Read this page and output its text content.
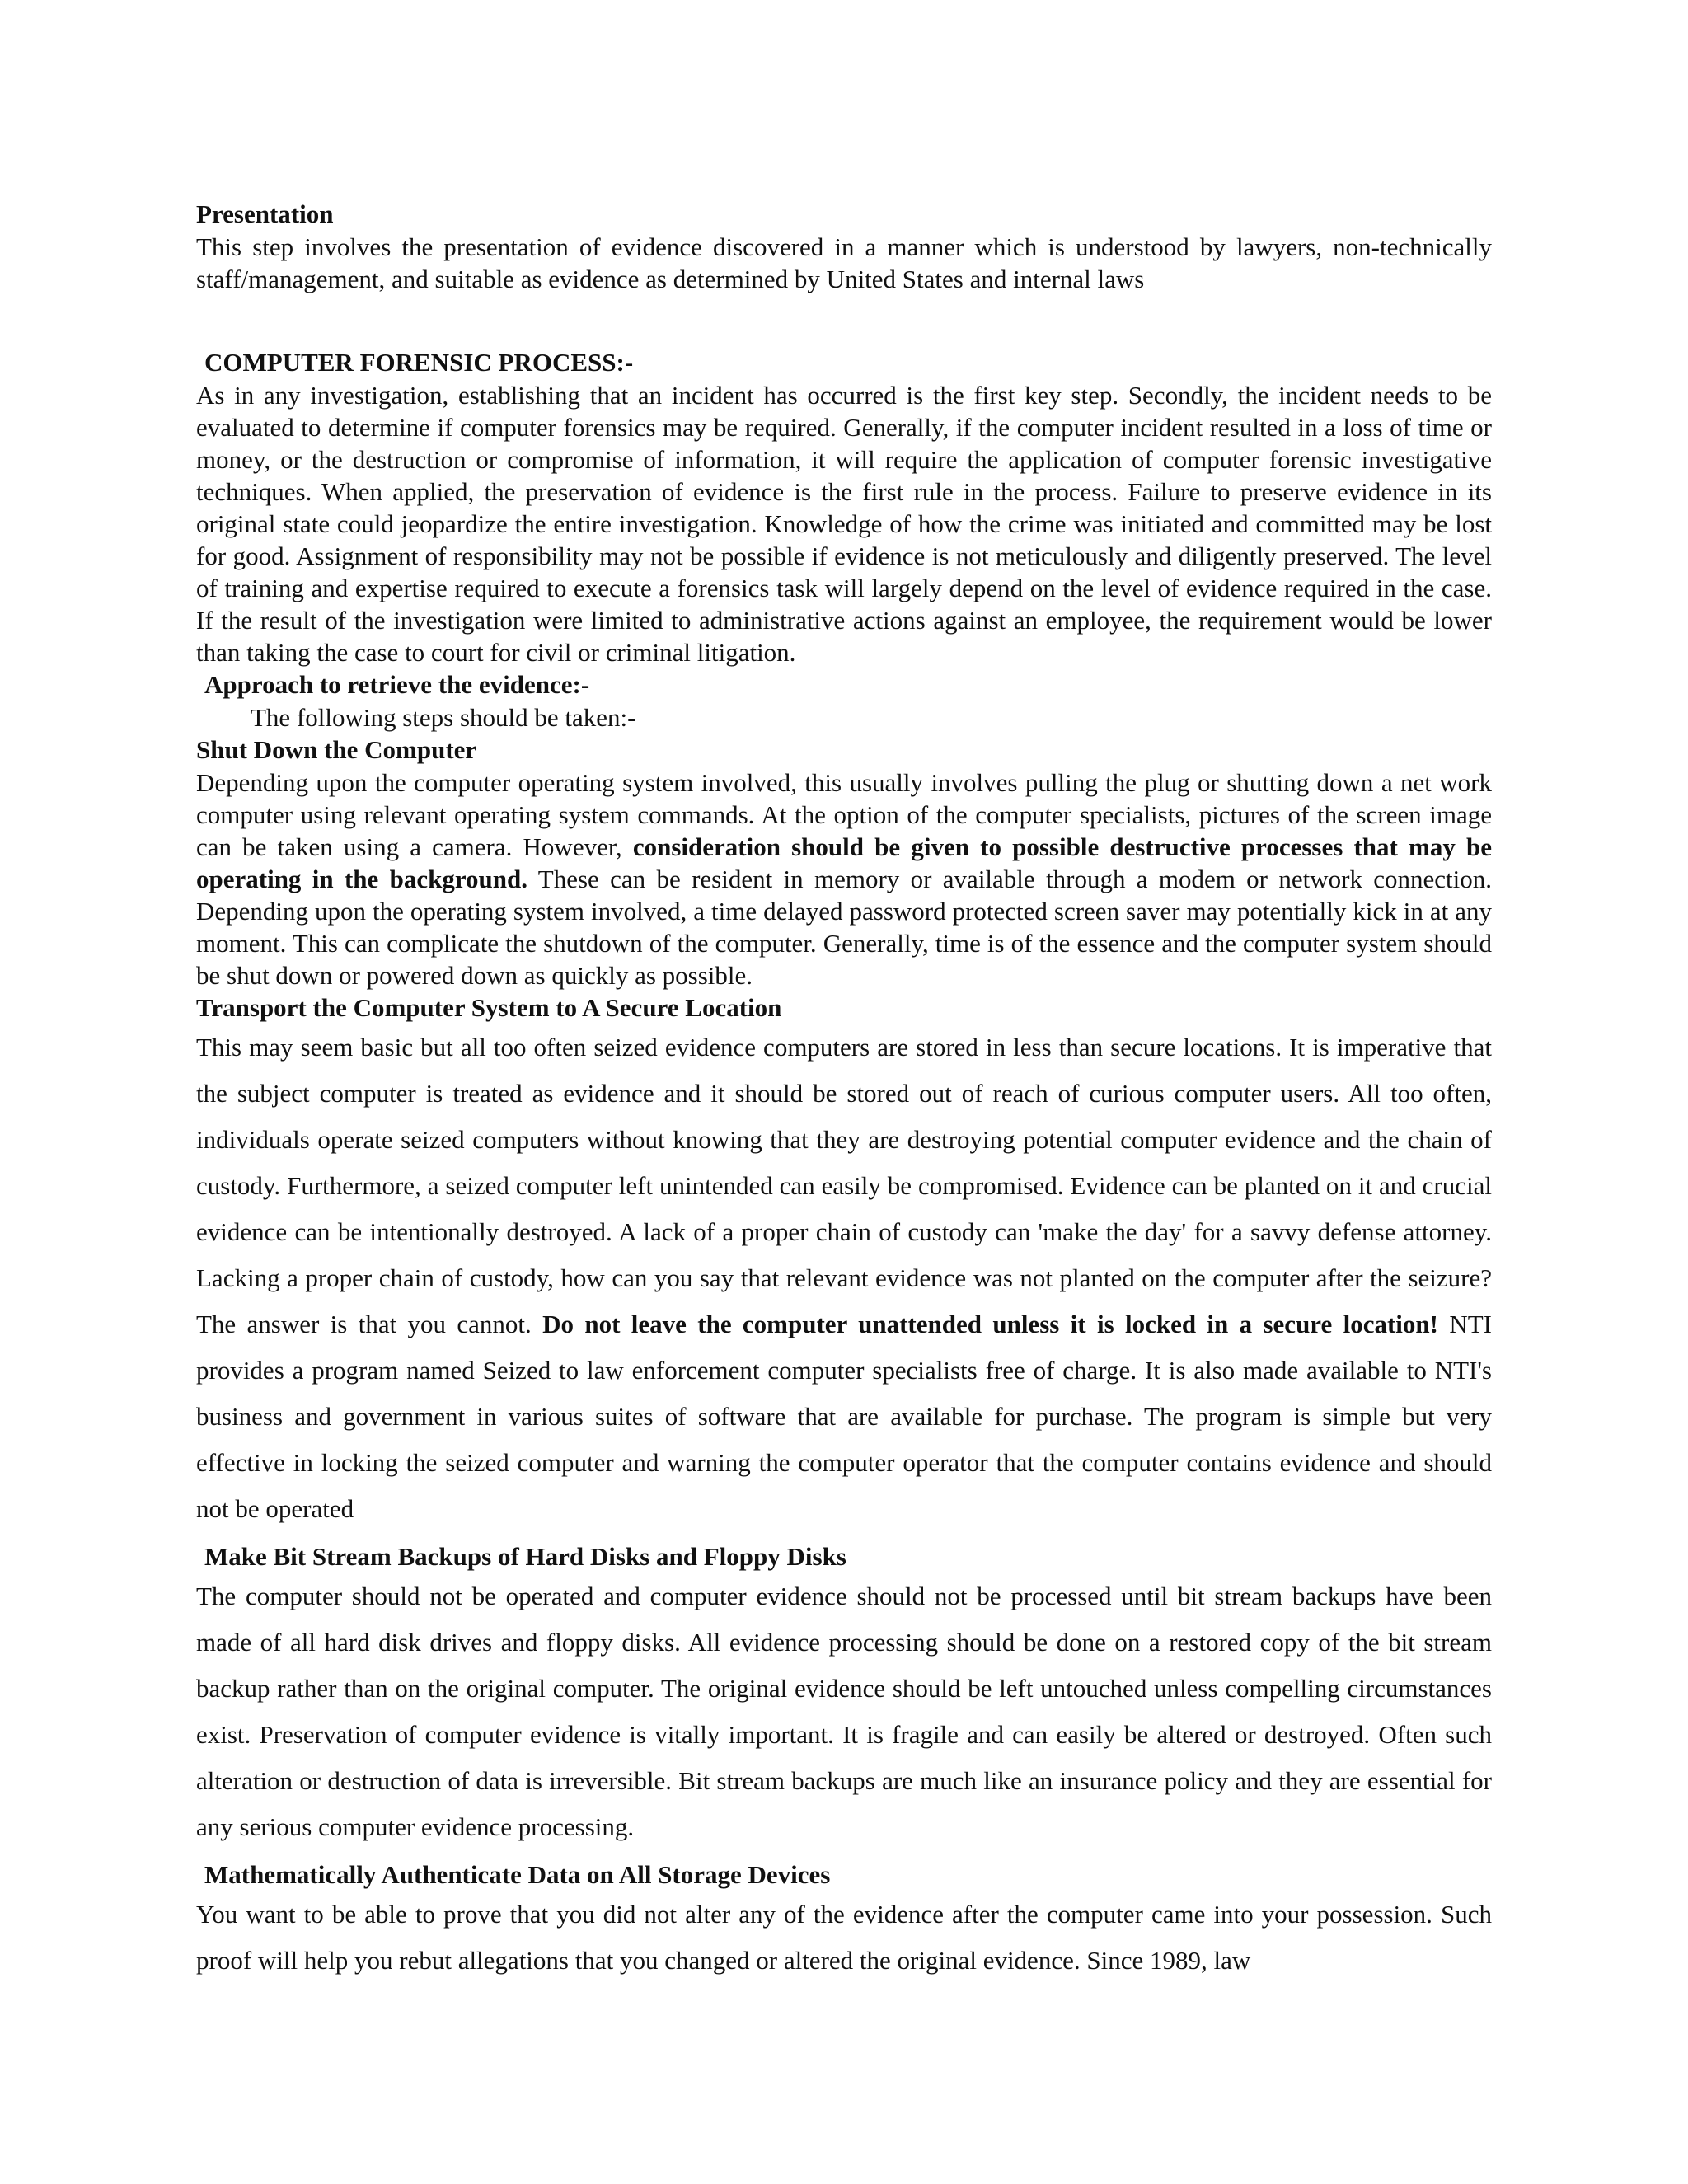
Presentation

This step involves the presentation of evidence discovered in a manner which is understood by lawyers, non-technically staff/management, and suitable as evidence as determined by United States and internal laws

COMPUTER FORENSIC PROCESS:-

As in any investigation, establishing that an incident has occurred is the first key step. Secondly, the incident needs to be evaluated to determine if computer forensics may be required. Generally, if the computer incident resulted in a loss of time or money, or the destruction or compromise of information, it will require the application of computer forensic investigative techniques. When applied, the preservation of evidence is the first rule in the process. Failure to preserve evidence in its original state could jeopardize the entire investigation. Knowledge of how the crime was initiated and committed may be lost for good. Assignment of responsibility may not be possible if evidence is not meticulously and diligently preserved. The level of training and expertise required to execute a forensics task will largely depend on the level of evidence required in the case. If the result of the investigation were limited to administrative actions against an employee, the requirement would be lower than taking the case to court for civil or criminal litigation.

Approach to retrieve the evidence:-

The following steps should be taken:-

Shut Down the Computer

Depending upon the computer operating system involved, this usually involves pulling the plug or shutting down a net work computer using relevant operating system commands. At the option of the computer specialists, pictures of the screen image can be taken using a camera. However, consideration should be given to possible destructive processes that may be operating in the background. These can be resident in memory or available through a modem or network connection. Depending upon the operating system involved, a time delayed password protected screen saver may potentially kick in at any moment. This can complicate the shutdown of the computer. Generally, time is of the essence and the computer system should be shut down or powered down as quickly as possible.

Transport the Computer System to A Secure Location

This may seem basic but all too often seized evidence computers are stored in less than secure locations. It is imperative that the subject computer is treated as evidence and it should be stored out of reach of curious computer users. All too often, individuals operate seized computers without knowing that they are destroying potential computer evidence and the chain of custody. Furthermore, a seized computer left unintended can easily be compromised. Evidence can be planted on it and crucial evidence can be intentionally destroyed. A lack of a proper chain of custody can 'make the day' for a savvy defense attorney. Lacking a proper chain of custody, how can you say that relevant evidence was not planted on the computer after the seizure? The answer is that you cannot. Do not leave the computer unattended unless it is locked in a secure location! NTI provides a program named Seized to law enforcement computer specialists free of charge. It is also made available to NTI's business and government in various suites of software that are available for purchase. The program is simple but very effective in locking the seized computer and warning the computer operator that the computer contains evidence and should not be operated

Make Bit Stream Backups of Hard Disks and Floppy Disks

The computer should not be operated and computer evidence should not be processed until bit stream backups have been made of all hard disk drives and floppy disks. All evidence processing should be done on a restored copy of the bit stream backup rather than on the original computer. The original evidence should be left untouched unless compelling circumstances exist. Preservation of computer evidence is vitally important. It is fragile and can easily be altered or destroyed. Often such alteration or destruction of data is irreversible. Bit stream backups are much like an insurance policy and they are essential for any serious computer evidence processing.

Mathematically Authenticate Data on All Storage Devices

You want to be able to prove that you did not alter any of the evidence after the computer came into your possession. Such proof will help you rebut allegations that you changed or altered the original evidence. Since 1989, law
